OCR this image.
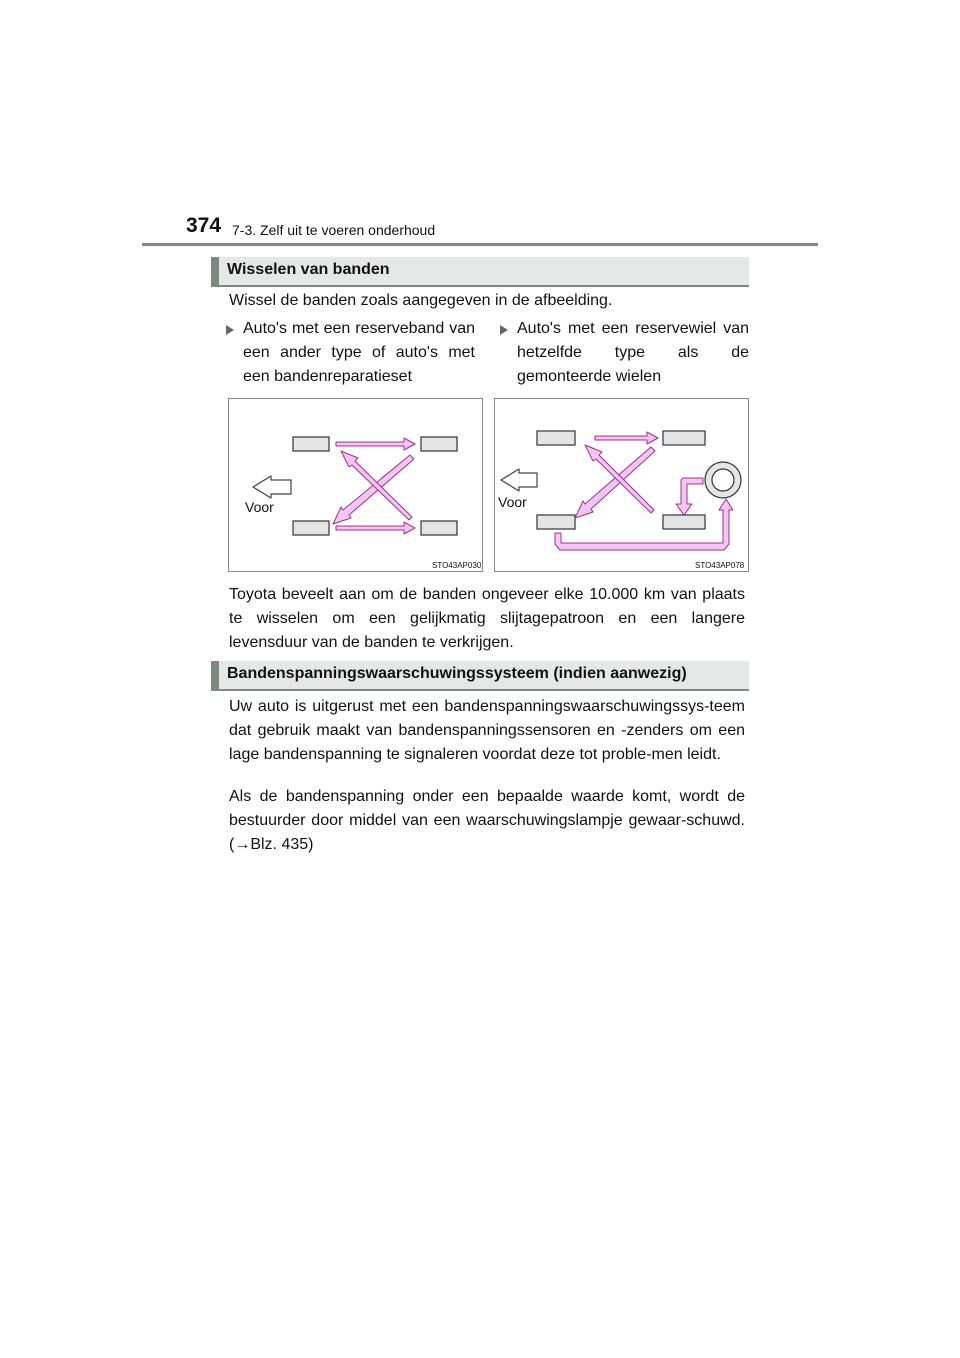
374 7-3. Zelf uit te voeren onderhoud
Wisselen van banden
Wissel de banden zoals aangegeven in de afbeelding.
Auto's met een reserveband van een ander type of auto's met een bandenreparatieset
Auto's met een reservewiel van hetzelfde type als de gemonteerde wielen
Voor
STO43AP030
Voor
STO43AP078
Toyota beveelt aan om de banden ongeveer elke 10.000 km van plaats te wisselen om een gelijkmatig slijtagepatroon en een langere levensduur van de banden te verkrijgen.
Bandenspanningswaarschuwingssysteem (indien aanwezig)
Uw auto is uitgerust met een bandenspanningswaarschuwingssys-teem dat gebruik maakt van bandenspanningssensoren en -zenders om een lage bandenspanning te signaleren voordat deze tot proble-men leidt.
Als de bandenspanning onder een bepaalde waarde komt, wordt de bestuurder door middel van een waarschuwingslampje gewaar-schuwd. (→Blz. 435)
